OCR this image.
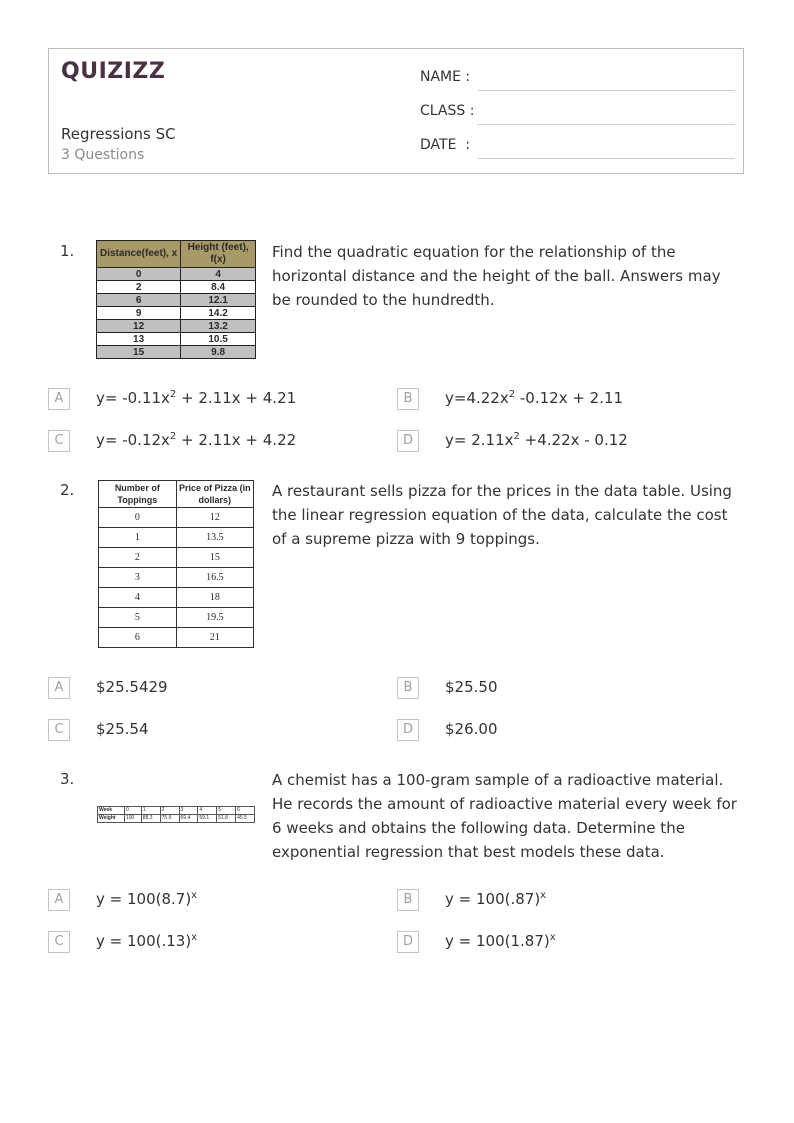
QUIZIZZ
Regressions SC
3 Questions
NAME :
CLASS :
DATE  :
1.	Distance(feet), x	Height (feet), f(x)
0	4
2	8.4
6	12.1
9	14.2
12	13.2
13	10.5
15	9.8
Find the quadratic equation for the relationship of the horizontal distance and the height of the ball. Answers may be rounded to the hundredth.
A	$y= -0.11x^2 + 2.11x + 4.21$	B	$y=4.22x^2$ -0.12x + 2.11
C	$y= -0.12x^2 + 2.11x + 4.22$	D	$y= 2.11x^2 +4.22x - 0.12$
2.	Number of Toppings	Price of Pizza (in dollars)
0	12
1	13.5
2	15
3	16.5
4	18
5	19.5
6	21
A restaurant sells pizza for the prices in the data table. Using the linear regression equation of the data, calculate the cost of a supreme pizza with 9 toppings.
A	$25.5429	B	$25.50
C	$25.54	D	$26.00
3.
Week	0	1	2	3	4	5	6
Weight	100	88.3	75.9	69.4	59.1	51.8	45.5
A chemist has a 100-gram sample of a radioactive material. He records the amount of radioactive material every week for 6 weeks and obtains the following data. Determine the exponential regression that best models these data.
A	$y = 100(8.7)^x$	B	$y = 100(.87)^x$
C	$y = 100(.13)^x$	D	$y = 100(1.87)^x$
